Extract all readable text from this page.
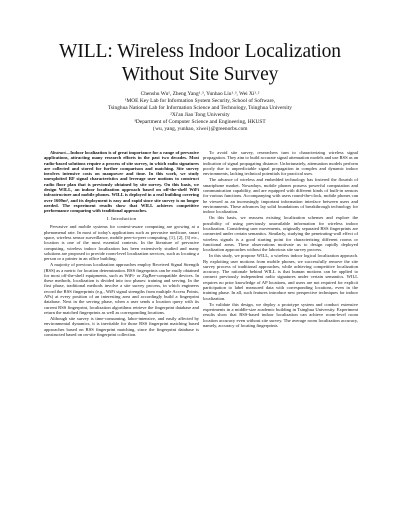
WILL: Wireless Indoor Localization
Without Site Survey
Chenshu Wu¹, Zheng Yang¹˒³, Yunhao Liu¹˒³, Wei Xi¹˒²
¹MOE Key Lab for Information System Security, School of Software,
Tsinghua National Lab for Information Science and Technology, Tsinghua University
²Xi'an Jiao Tong University
³Department of Computer Science and Engineering, HKUST
{wu, yang, yunhao, xiwei}@greenorbs.com

Abstract—Indoor localization is of great importance for a range of pervasive applications, attracting many research efforts in the past two decades. Most radio-based solutions require a process of site survey, in which radio signatures are collected and stored for further comparison and matching. Site survey involves intensive costs on manpower and time. In this work, we study unexploited RF signal characteristics and leverage user motions to construct radio floor plan that is previously obtained by site survey. On this basis, we design WILL, an indoor localization approach based on off-the-shelf WiFi infrastructure and mobile phones. WILL is deployed in a real building covering over 1600m², and its deployment is easy and rapid since site survey is no longer needed. The experiment results show that WILL achieves competitive performance comparing with traditional approaches.

I. Introduction

Pervasive and mobile systems for context-aware computing are growing at a phenomenal rate. In most of today's applications such as pervasive medicare, smart space, wireless sensor surveillance, mobile peer-to-peer computing, [1], [2], [3] etc., location is one of the most essential contexts. In the literature of pervasive computing, wireless indoor localization has been extensively studied and many solutions are proposed to provide room-level localization services, such as locating a person or a printer in an office building.

A majority of previous localization approaches employ Received Signal Strength (RSS) as a metric for location determination. RSS fingerprints can be easily obtained for most off-the-shelf equipments, such as WiFi- or ZigBee-compatible devices. In these methods, localization is divided into two phases: training and serving. In the first phase, traditional methods involve a site survey process, in which engineers record the RSS fingerprints (e.g., WiFi signal strengths from multiple Access Points, APs) at every position of an interesting area and accordingly build a fingerprint database. Next in the serving phase, when a user sends a location query with its current RSS fingerprint, localization algorithms retrieve the fingerprint database and return the matched fingerprints as well as corresponding locations.

Although site survey is time-consuming, labor-intensive, and easily affected by environmental dynamics, it is inevitable for those RSS fingerprint matching based approaches based on RSS fingerprint matching, since the fingerprint database is constructed based on on-site fingerprint collection.

To avoid site survey, researchers turn to characterizing wireless signal propagation. They aim to build accurate signal attenuation models and use RSS as an indication of signal propagating distance. Unfortunately, attenuation models perform poorly due to unpredictable signal propagation in complex and dynamic indoor environments, lacking technical potentials for practical uses.

The advance of wireless and embedded technology has fostered the flourish of smartphone market. Nowadays, mobile phones possess powerful computation and communication capability, and are equipped with different kinds of built-in sensors for various functions. Accompanying with users round-the-clock, mobile phones can be viewed as an increasingly important information interface between users and environments. These advances lay solid foundations of breakthrough technology for indoor localization.

On this basis, we reassess existing localization schemes and explore the possibility of using previously unavailable information for wireless indoor localization. Considering user movements, originally separated RSS fingerprints are connected under certain semantics. Similarly, studying the penetrating-wall effect of wireless signals is a good starting point for characterizing different rooms or functional areas. These observations motivate us to design rapidly deployed localization approaches without the laborious site survey process.

In this study, we propose WILL, a wireless indoor logical localization approach. By exploiting user motions from mobile phones, we successfully remove the site survey process of traditional approaches, while achieving competitive localization accuracy. The rationale behind WILL is that human motions can be applied to connect previously independent radio signatures under certain semantics. WILL requires no prior knowledge of AP locations, and users are not required for explicit participation to label measured data with corresponding locations, even in the training phase. In all, such features introduce new perspective techniques for indoor localization.

To validate this design, we deploy a prototype system and conduct extensive experiments in a middle-size academic building in Tsinghua University. Experiment results show that RSS-based indoor localization can achieve room-level room location accuracy even without site survey. The average room localization accuracy, namely, accuracy of locating fingerprints
